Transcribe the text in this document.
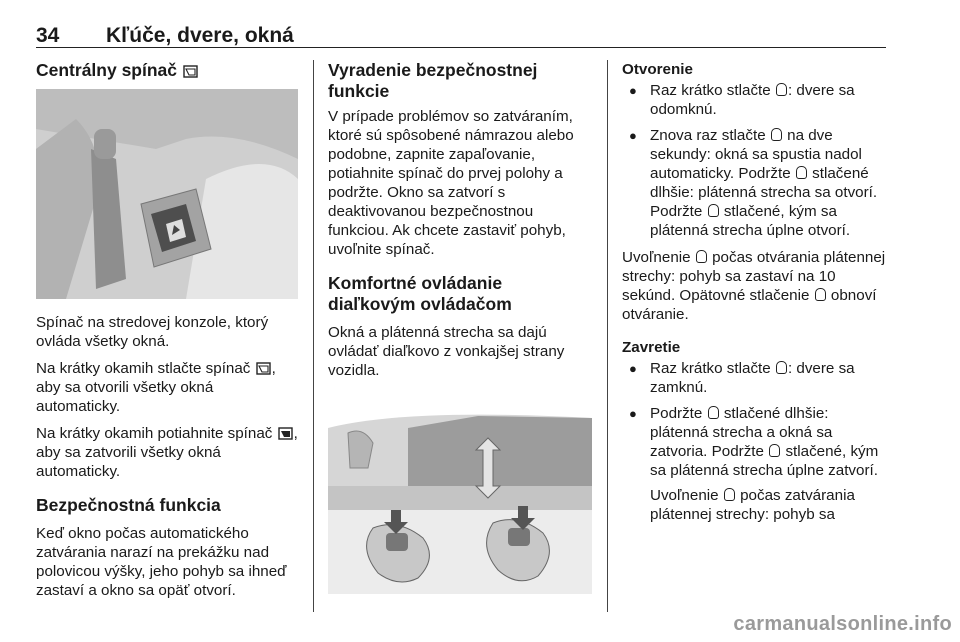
34 Kľúče, dvere, okná
Centrálny spínač

Spínač na stredovej konzole, ktorý ovláda všetky okná.

Na krátky okamih stlačte spínač , aby sa otvorili všetky okná automaticky.

Na krátky okamih potiahnite spínač , aby sa zatvorili všetky okná automaticky.

Bezpečnostná funkcia

Keď okno počas automatického zatvárania narazí na prekážku nad polovicou výšky, jeho pohyb sa ihneď zastaví a okno sa opäť otvorí.

Vyradenie bezpečnostnej funkcie

V prípade problémov so zatváraním, ktoré sú spôsobené námrazou alebo podobne, zapnite zapaľovanie, potiahnite spínač do prvej polohy a podržte. Okno sa zatvorí s deaktivovanou bezpečnostnou funkciou. Ak chcete zastaviť pohyb, uvoľnite spínač.

Komfortné ovládanie diaľkovým ovládačom

Okná a plátenná strecha sa dajú ovládať diaľkovo z vonkajšej strany vozidla.

Otvorenie
● Raz krátko stlačte : dvere sa odomknú.
● Znova raz stlačte na dve sekundy: okná sa spustia nadol automaticky. Podržte stlačené dlhšie: plátenná strecha sa otvorí. Podržte stlačené, kým sa plátenná strecha úplne otvorí.

Uvoľnenie počas otvárania plátennej strechy: pohyb sa zastaví na 10 sekúnd. Opätovné stlačenie obnoví otváranie.

Zavretie
● Raz krátko stlačte : dvere sa zamknú.
● Podržte stlačené dlhšie: plátenná strecha a okná sa zatvoria. Podržte stlačené, kým sa plátenná strecha úplne zatvorí.

Uvoľnenie počas zatvárania plátennej strechy: pohyb sa

carmanualsonline.info
